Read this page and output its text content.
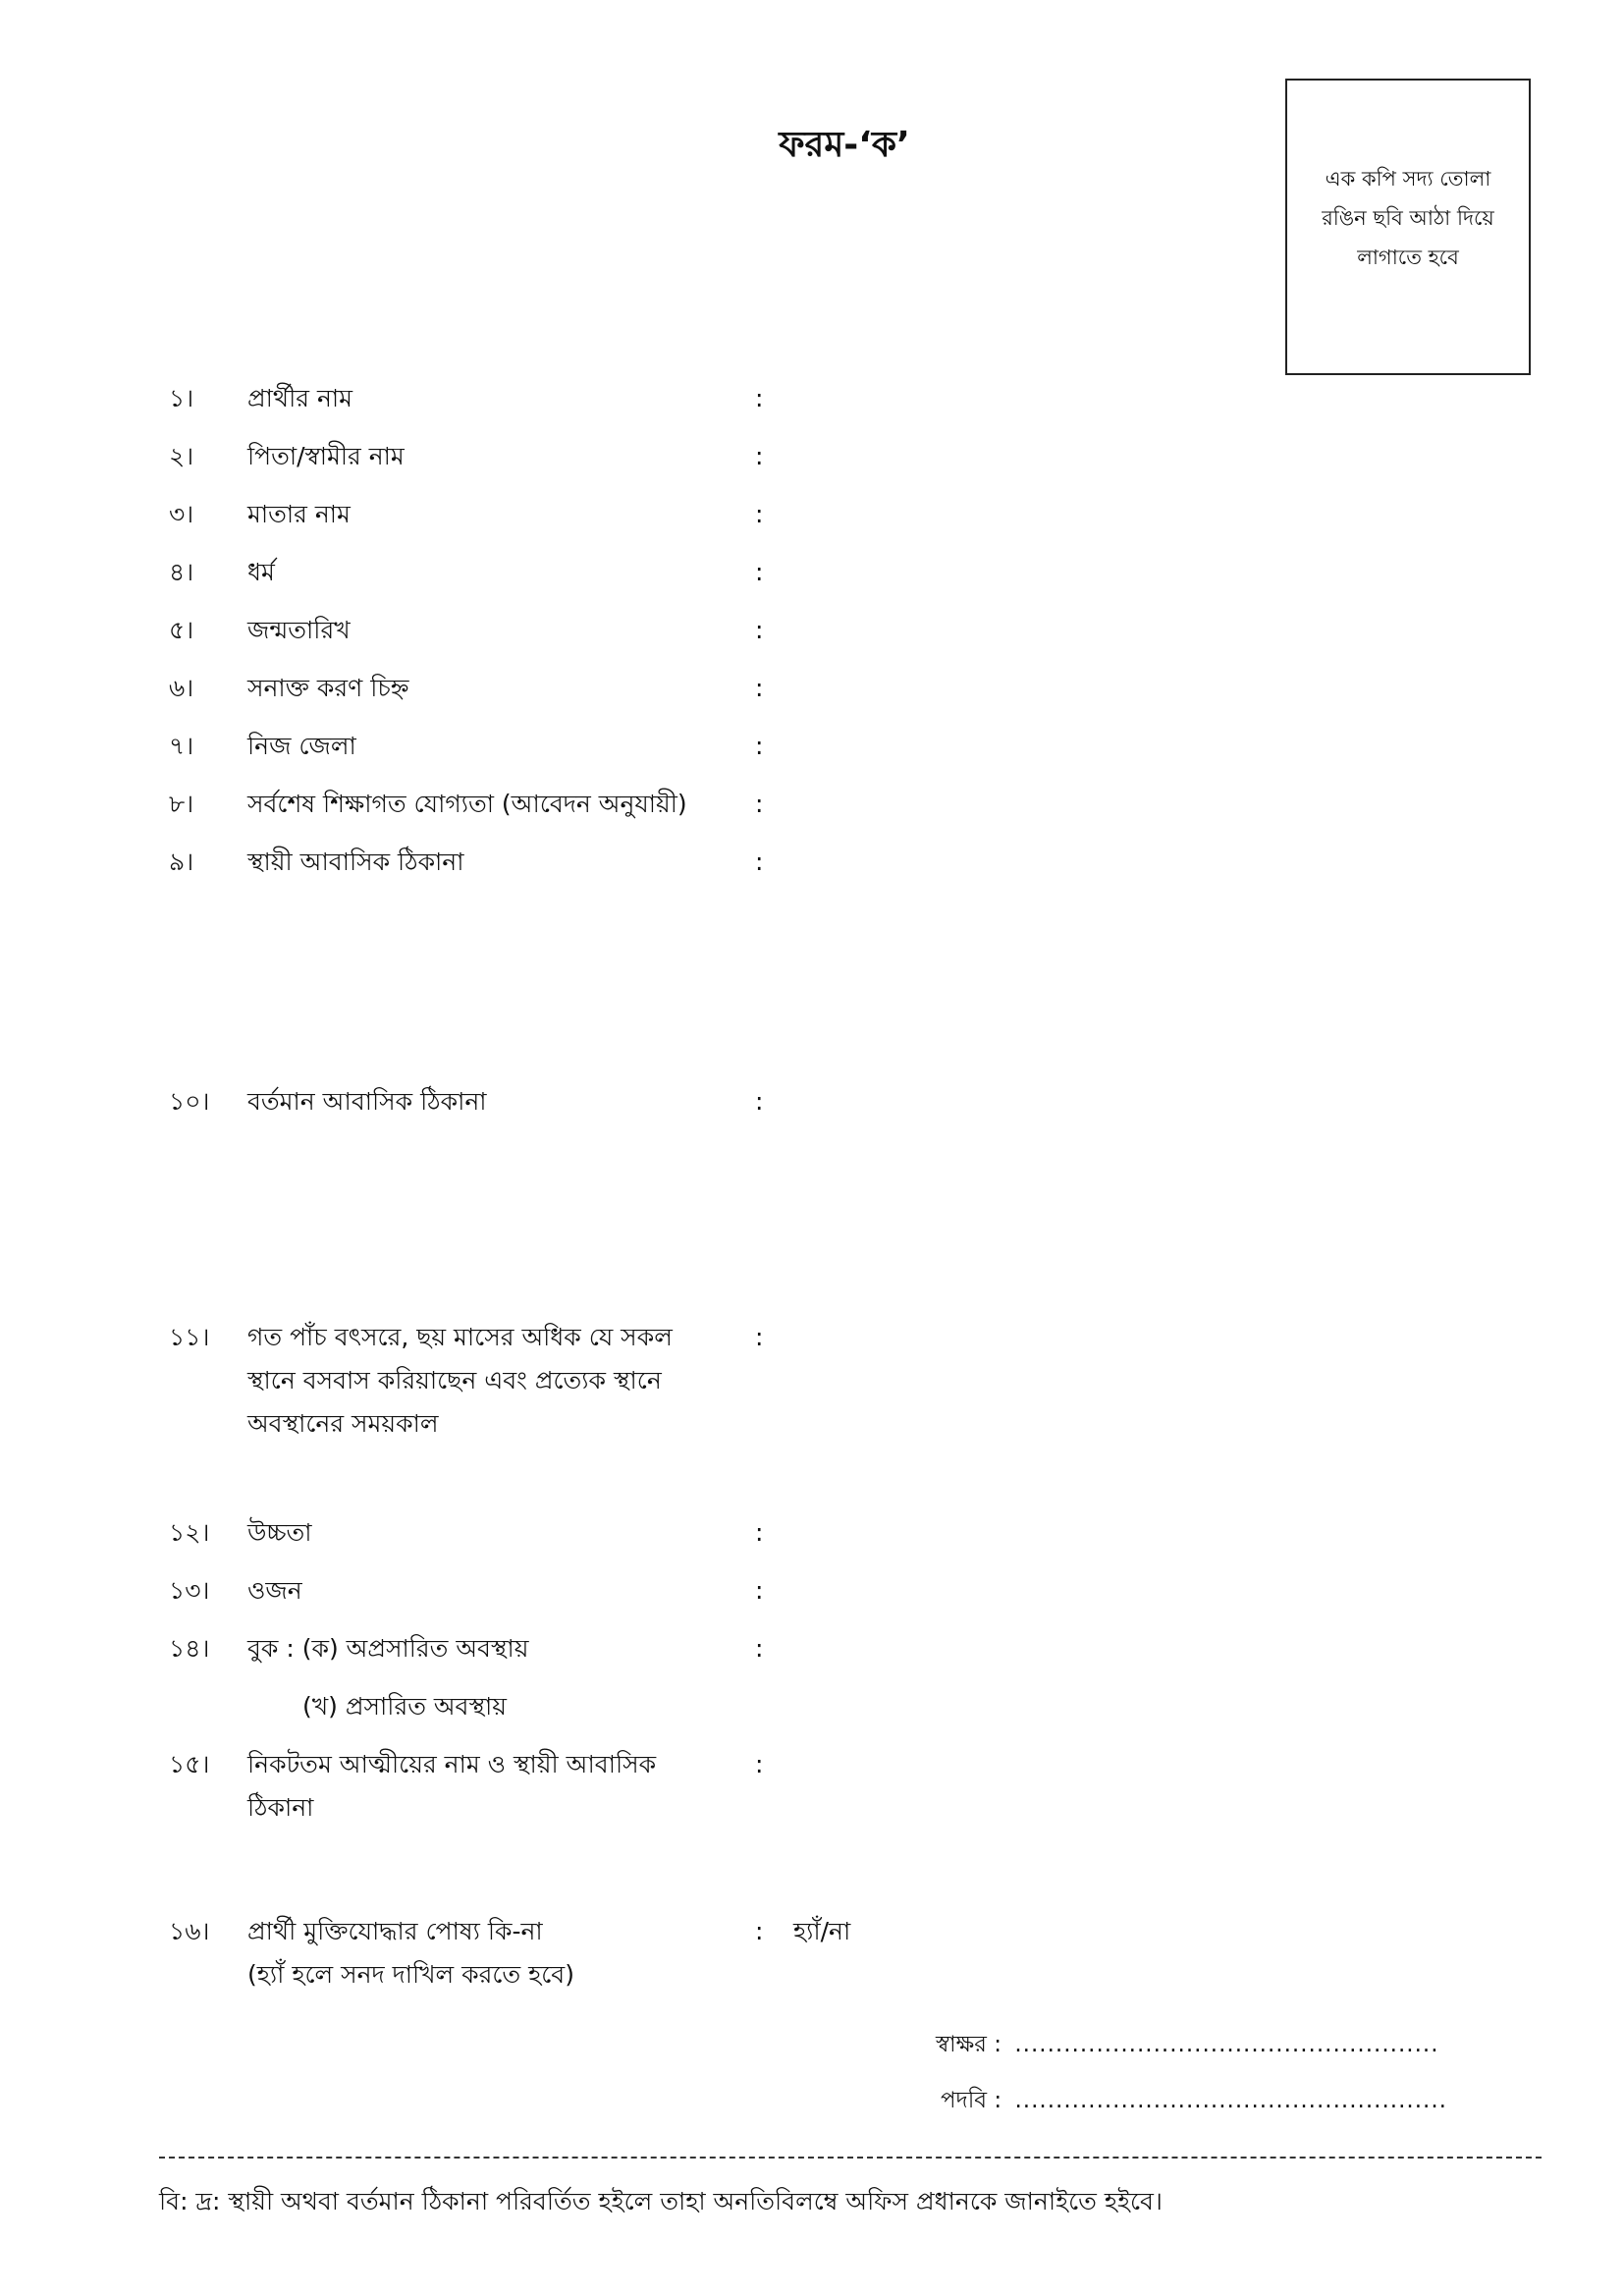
ফরম-‘ক’
এক কপি সদ্য তোলা রঙিন ছবি আঠা দিয়ে লাগাতে হবে
১। প্রার্থীর নাম	:
২। পিতা/স্বামীর নাম	:
৩। মাতার নাম	:
৪। ধর্ম	:
৫। জন্মতারিখ	:
৬। সনাক্ত করণ চিহ্ন	:
৭। নিজ জেলা	:
৮। সর্বশেষ শিক্ষাগত যোগ্যতা (আবেদন অনুযায়ী)	:
৯। স্থায়ী আবাসিক ঠিকানা	:
১০। বর্তমান আবাসিক ঠিকানা	:
১১। গত পাঁচ বৎসরে, ছয় মাসের অধিক যে সকল
স্থানে বসবাস করিয়াছেন এবং প্রত্যেক স্থানে
অবস্থানের সময়কাল
:
১২। উচ্চতা	:
১৩। ওজন	:
১৪। বুক : (ক) অপ্রসারিত অবস্থায়	:
(খ) প্রসারিত অবস্থায়
১৫। নিকটতম আত্মীয়ের নাম ও স্থায়ী আবাসিক
ঠিকানা
:
১৬। প্রার্থী মুক্তিযোদ্ধার পোষ্য কি-না
(হ্যাঁ হলে সনদ দাখিল করতে হবে)
: হ্যাঁ/না
স্বাক্ষর : ....................................................
পদবি : .....................................................
বি: দ্র: স্থায়ী অথবা বর্তমান ঠিকানা পরিবর্তিত হইলে তাহা অনতিবিলম্বে অফিস প্রধানকে জানাইতে হইবে।
